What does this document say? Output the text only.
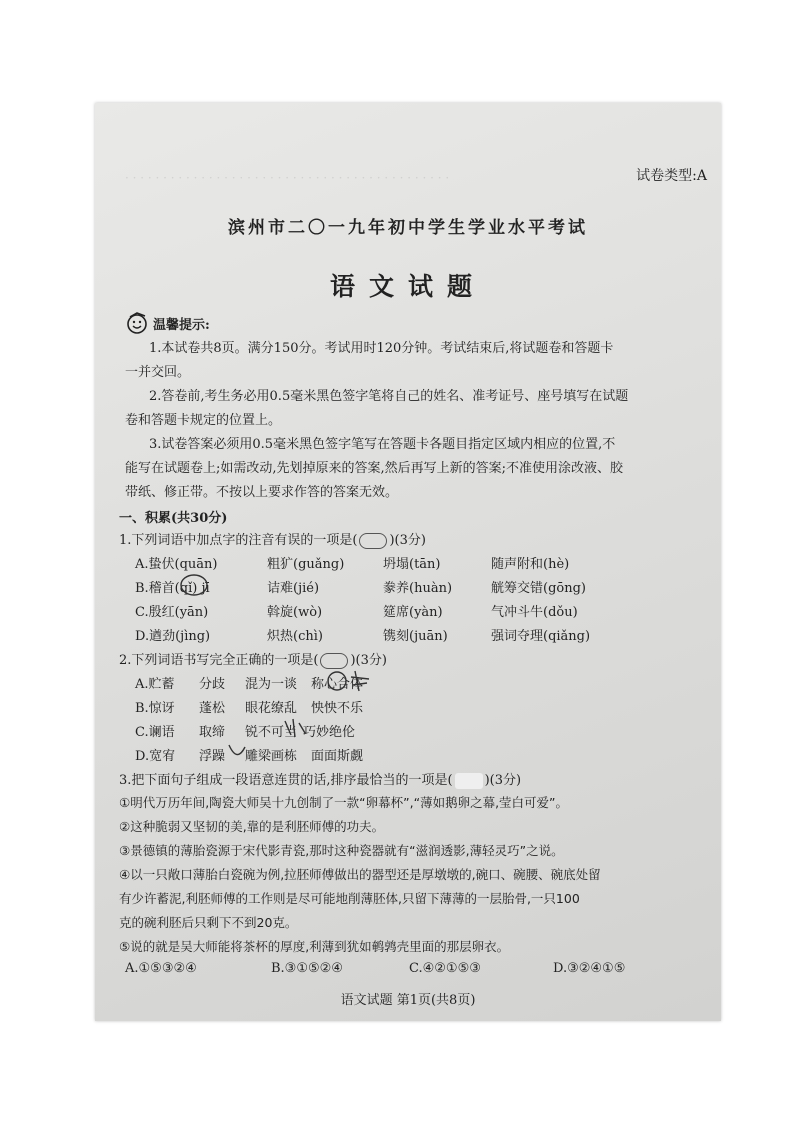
· · · · · · · · · · · · · · · · · · · · · · · · · · · · · · · · · · · · · · · · · · ·	试卷类型:A
滨州市二〇一九年初中学生学业水平考试
语文试题
温馨提示:
1.本试卷共8页。满分150分。考试用时120分钟。考试结束后,将试题卷和答题卡
一并交回。
2.答卷前,考生务必用0.5毫米黑色签字笔将自己的姓名、准考证号、座号填写在试题
卷和答题卡规定的位置上。
3.试卷答案必须用0.5毫米黑色签字笔写在答题卡各题目指定区域内相应的位置,不
能写在试题卷上;如需改动,先划掉原来的答案,然后再写上新的答案;不准使用涂改液、胶
带纸、修正带。不按以上要求作答的答案无效。
一、积累(共30分)
1.下列词语中加点字的注音有误的一项是( )(3分)
A.蛰伏(quān)	粗犷(guǎng)	坍塌(tān)	随声附和(hè)
B.稽首(qǐ) jī	诘难(jié)	豢养(huàn)	觥筹交错(gōng)
C.殷红(yān)	斡旋(wò)	筵席(yàn)	气冲斗牛(dǒu)
D.遒劲(jìng)	炽热(chì)	镌刻(juān)	强词夺理(qiǎng)
2.下列词语书写完全正确的一项是( )(3分)
A.贮蓄 分歧 混为一谈 称心合体
B.惊讶 蓬松 眼花缭乱 怏怏不乐
C.谰语 取缔 锐不可当 巧妙绝伦
D.宽宥 浮躁 雕梁画栋 面面斯觑
3.把下面句子组成一段语意连贯的话,排序最恰当的一项是( )(3分)
①明代万历年间,陶瓷大师吴十九创制了一款“卵幕杯”,“薄如鹅卵之幕,莹白可爱”。
②这种脆弱又坚韧的美,靠的是利胚师傅的功夫。
③景德镇的薄胎瓷源于宋代影青瓷,那时这种瓷器就有“滋润透影,薄轻灵巧”之说。
④以一只敞口薄胎白瓷碗为例,拉胚师傅做出的器型还是厚墩墩的,碗口、碗腰、碗底处留
有少许蓄泥,利胚师傅的工作则是尽可能地削薄胚体,只留下薄薄的一层胎骨,一只100
克的碗利胚后只剩下不到20克。
⑤说的就是吴大师能将茶杯的厚度,利薄到犹如鹌鹑壳里面的那层卵衣。
A.①⑤③②④	B.③①⑤②④	C.④②①⑤③	D.③②④①⑤
语文试题 第1页(共8页)
